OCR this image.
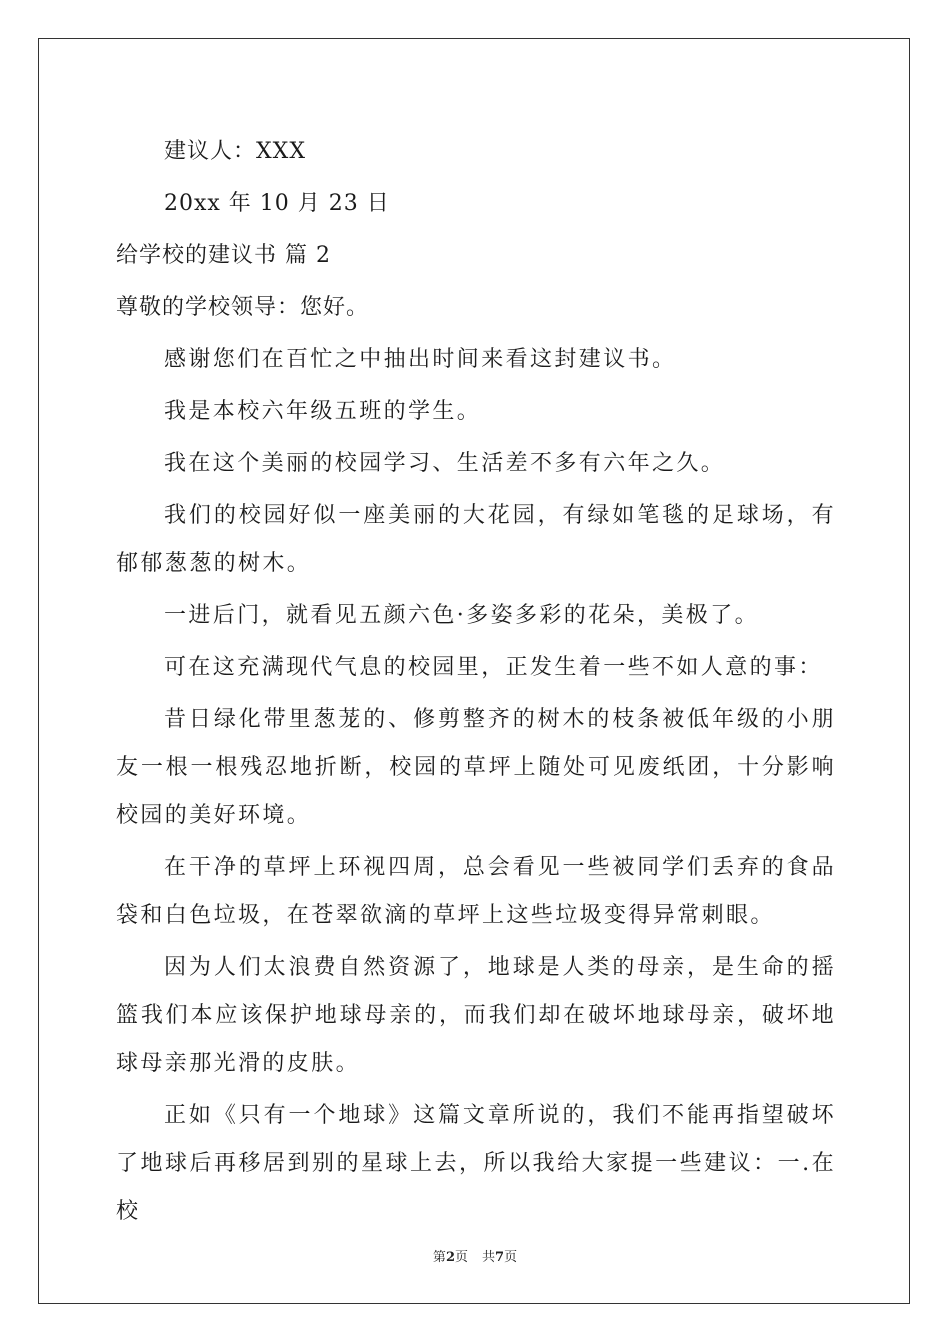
建议人：XXX
20xx 年 10 月 23 日
给学校的建议书 篇 2
尊敬的学校领导：您好。

感谢您们在百忙之中抽出时间来看这封建议书。

我是本校六年级五班的学生。

我在这个美丽的校园学习、生活差不多有六年之久。

我们的校园好似一座美丽的大花园，有绿如笔毯的足球场，有郁郁葱葱的树木。

一进后门，就看见五颜六色·多姿多彩的花朵，美极了。

可在这充满现代气息的校园里，正发生着一些不如人意的事：

昔日绿化带里葱茏的、修剪整齐的树木的枝条被低年级的小朋友一根一根残忍地折断，校园的草坪上随处可见废纸团，十分影响校园的美好环境。

在干净的草坪上环视四周，总会看见一些被同学们丢弃的食品袋和白色垃圾，在苍翠欲滴的草坪上这些垃圾变得异常刺眼。

因为人们太浪费自然资源了，地球是人类的母亲，是生命的摇篮我们本应该保护地球母亲的，而我们却在破坏地球母亲，破坏地球母亲那光滑的皮肤。

正如《只有一个地球》这篇文章所说的，我们不能再指望破坏了地球后再移居到别的星球上去，所以我给大家提一些建议：一.在校

第2页 共7页
